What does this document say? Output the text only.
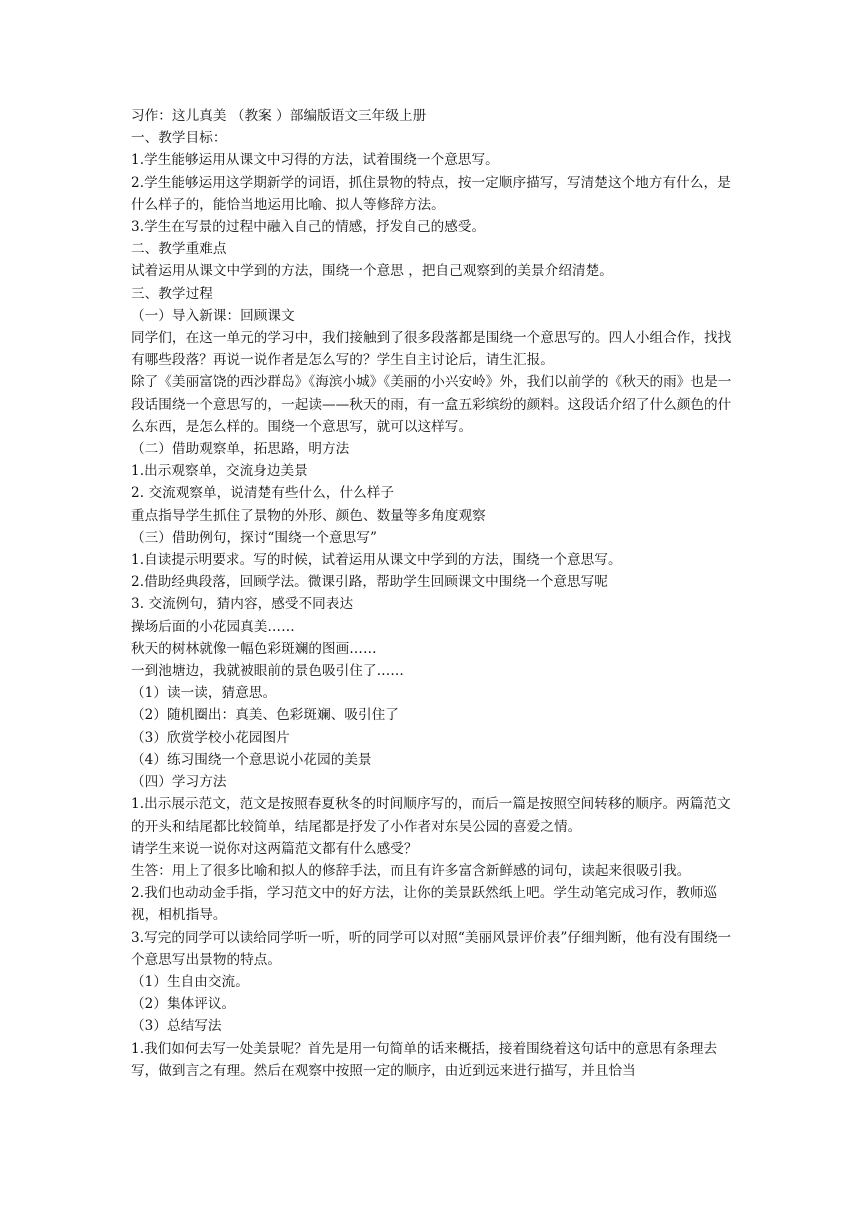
习作：这儿真美 （教案 ）部编版语文三年级上册

一、教学目标：

1.学生能够运用从课文中习得的方法，试着围绕一个意思写。

2.学生能够运用这学期新学的词语，抓住景物的特点，按一定顺序描写，写清楚这个地方有什么，是什么样子的，能恰当地运用比喻、拟人等修辞方法。

3.学生在写景的过程中融入自己的情感，抒发自己的感受。

二、教学重难点

试着运用从课文中学到的方法，围绕一个意思 ，把自己观察到的美景介绍清楚。

三、教学过程

（一）导入新课：回顾课文

同学们，在这一单元的学习中，我们接触到了很多段落都是围绕一个意思写的。四人小组合作，找找有哪些段落？再说一说作者是怎么写的？学生自主讨论后，请生汇报。

除了《美丽富饶的西沙群岛》《海滨小城》《美丽的小兴安岭》外，我们以前学的《秋天的雨》也是一段话围绕一个意思写的，一起读——秋天的雨，有一盒五彩缤纷的颜料。这段话介绍了什么颜色的什么东西，是怎么样的。围绕一个意思写，就可以这样写。

（二）借助观察单，拓思路，明方法

1.出示观察单，交流身边美景

2. 交流观察单，说清楚有些什么，什么样子

重点指导学生抓住了景物的外形、颜色、数量等多角度观察

（三）借助例句，探讨“围绕一个意思写”

1.自读提示明要求。写的时候，试着运用从课文中学到的方法，围绕一个意思写。

2.借助经典段落，回顾学法。微课引路，帮助学生回顾课文中围绕一个意思写呢

3. 交流例句，猜内容，感受不同表达

操场后面的小花园真美……

秋天的树林就像一幅色彩斑斓的图画……

一到池塘边，我就被眼前的景色吸引住了……

（1）读一读，猜意思。

（2）随机圈出：真美、色彩斑斓、吸引住了

（3）欣赏学校小花园图片

（4）练习围绕一个意思说小花园的美景

（四）学习方法

1.出示展示范文，范文是按照春夏秋冬的时间顺序写的，而后一篇是按照空间转移的顺序。两篇范文的开头和结尾都比较简单，结尾都是抒发了小作者对东吴公园的喜爱之情。

请学生来说一说你对这两篇范文都有什么感受？

生答：用上了很多比喻和拟人的修辞手法，而且有许多富含新鲜感的词句，读起来很吸引我。

2.我们也动动金手指，学习范文中的好方法，让你的美景跃然纸上吧。学生动笔完成习作，教师巡视，相机指导。

3.写完的同学可以读给同学听一听，听的同学可以对照“美丽风景评价表”仔细判断，他有没有围绕一个意思写出景物的特点。

（1）生自由交流。

（2）集体评议。

（3）总结写法

1.我们如何去写一处美景呢？首先是用一句简单的话来概括，接着围绕着这句话中的意思有条理去写，做到言之有理。然后在观察中按照一定的顺序，由近到远来进行描写，并且恰当
